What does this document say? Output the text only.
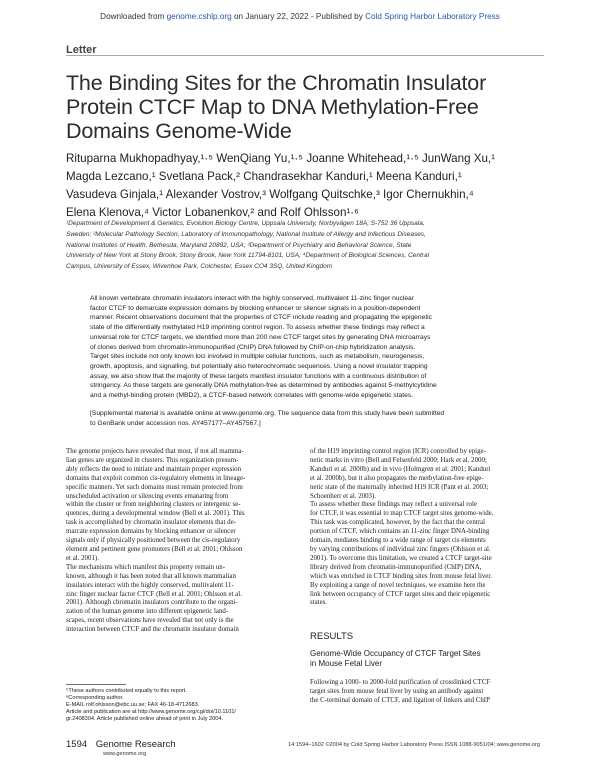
Downloaded from genome.cshlp.org on January 22, 2022 - Published by Cold Spring Harbor Laboratory Press
Letter
The Binding Sites for the Chromatin Insulator
Protein CTCF Map to DNA Methylation-Free
Domains Genome-Wide
Rituparna Mukhopadhyay,¹·⁵ WenQiang Yu,¹·⁵ Joanne Whitehead,¹·⁵ JunWang Xu,¹
Magda Lezcano,¹ Svetlana Pack,² Chandrasekhar Kanduri,¹ Meena Kanduri,¹
Vasudeva Ginjala,¹ Alexander Vostrov,³ Wolfgang Quitschke,³ Igor Chernukhin,⁴
Elena Klenova,⁴ Victor Lobanenkov,² and Rolf Ohlsson¹·⁶
¹Department of Development & Genetics, Evolution Biology Centre, Uppsala University, Norbyvägen 18A, S-752 36 Uppsala,
Sweden; ²Molecular Pathology Section, Laboratory of Immunopathology, National Institute of Allergy and Infectious Diseases,
National Institutes of Health, Bethesda, Maryland 20892, USA; ³Department of Psychiatry and Behavioral Science, State
University of New York at Stony Brook, Stony Brook, New York 11794-8101, USA; ⁴Department of Biological Sciences, Central
Campus, University of Essex, Wivenhoe Park, Colchester, Essex CO4 3SQ, United Kingdom
All known vertebrate chromatin insulators interact with the highly conserved, multivalent 11-zinc finger nuclear
factor CTCF to demarcate expression domains by blocking enhancer or silencer signals in a position-dependent
manner. Recent observations document that the properties of CTCF include reading and propagating the epigenetic
state of the differentially methylated H19 imprinting control region. To assess whether these findings may reflect a
universal role for CTCF targets, we identified more than 200 new CTCF target sites by generating DNA microarrays
of clones derived from chromatin-immunopurified (ChIP) DNA followed by ChIP-on-chip hybridization analysis.
Target sites include not only known loci involved in multiple cellular functions, such as metabolism, neurogenesis,
growth, apoptosis, and signalling, but potentially also heterochromatic sequences. Using a novel insulator trapping
assay, we also show that the majority of these targets manifest insulator functions with a continuous distribution of
stringency. As these targets are generally DNA methylation-free as determined by antibodies against 5-methylcytidine
and a methyl-binding protein (MBD2), a CTCF-based network correlates with genome-wide epigenetic states.
[Supplemental material is available online at www.genome.org. The sequence data from this study have been submitted
to GenBank under accession nos. AY457177–AY457567.]
The genome projects have revealed that most, if not all mamma-
lian genes are organized in clusters. This organization presum-
ably reflects the need to initiate and maintain proper expression
domains that exploit common cis-regulatory elements in lineage-
specific manners. Yet such domains must remain protected from
unscheduled activation or silencing events emanating from
within the cluster or from neighboring clusters or intergenic se-
quences, during a developmental window (Bell et al. 2001). This
task is accomplished by chromatin insulator elements that de-
marcate expression domains by blocking enhancer or silencer
signals only if physically positioned between the cis-regulatory
element and pertinent gene promoters (Bell et al. 2001; Ohlsson
et al. 2001).
The mechanisms which manifest this property remain un-
known, although it has been noted that all known mammalian
insulators interact with the highly conserved, multivalent 11-
zinc finger nuclear factor CTCF (Bell et al. 2001; Ohlsson et al.
2001). Although chromatin insulators contribute to the organi-
zation of the human genome into different epigenetic land-
scapes, recent observations have revealed that not only is the
interaction between CTCF and the chromatin insulator domain
of the H19 imprinting control region (ICR) controlled by epige-
netic marks in vitro (Bell and Felsenfeld 2000; Hark et al. 2000;
Kanduri et al. 2000b) and in vivo (Holmgren et al. 2001; Kanduri
et al. 2000b), but it also propagates the methylation-free epige-
netic state of the maternally inherited H19 ICR (Pant et al. 2003;
Schoenherr et al. 2003).
To assess whether these findings may reflect a universal role
for CTCF, it was essential to map CTCF target sites genome-wide.
This task was complicated, however, by the fact that the central
portion of CTCF, which contains an 11-zinc finger DNA-binding
domain, mediates binding to a wide range of target cis elements
by varying contributions of individual zinc fingers (Ohlsson et al.
2001). To overcome this limitation, we created a CTCF target-site
library derived from chromatin-immunopurified (ChIP) DNA,
which was enriched in CTCF binding sites from mouse fetal liver.
By exploiting a range of novel techniques, we examine here the
link between occupancy of CTCF target sites and their epigenetic
states.
RESULTS
Genome-Wide Occupancy of CTCF Target Sites
in Mouse Fetal Liver
Following a 1000- to 2000-fold purification of crosslinked CTCF
target sites from mouse fetal liver by using an antibody against
the C-terminal domain of CTCF, and ligation of linkers and ChIP
⁵These authors contributed equally to this report.
⁶Corresponding author.
E-MAIL rolf.ohlsson@ebc.uu.se; FAX 46-18-4712683.
Article and publication are at http://www.genome.org/cgi/doi/10.1101/
gr.2408304. Article published online ahead of print in July 2004.
1594 Genome Research
www.genome.org
14:1594–1602 ©2004 by Cold Spring Harbor Laboratory Press ISSN 1088-9051/04; www.genome.org
